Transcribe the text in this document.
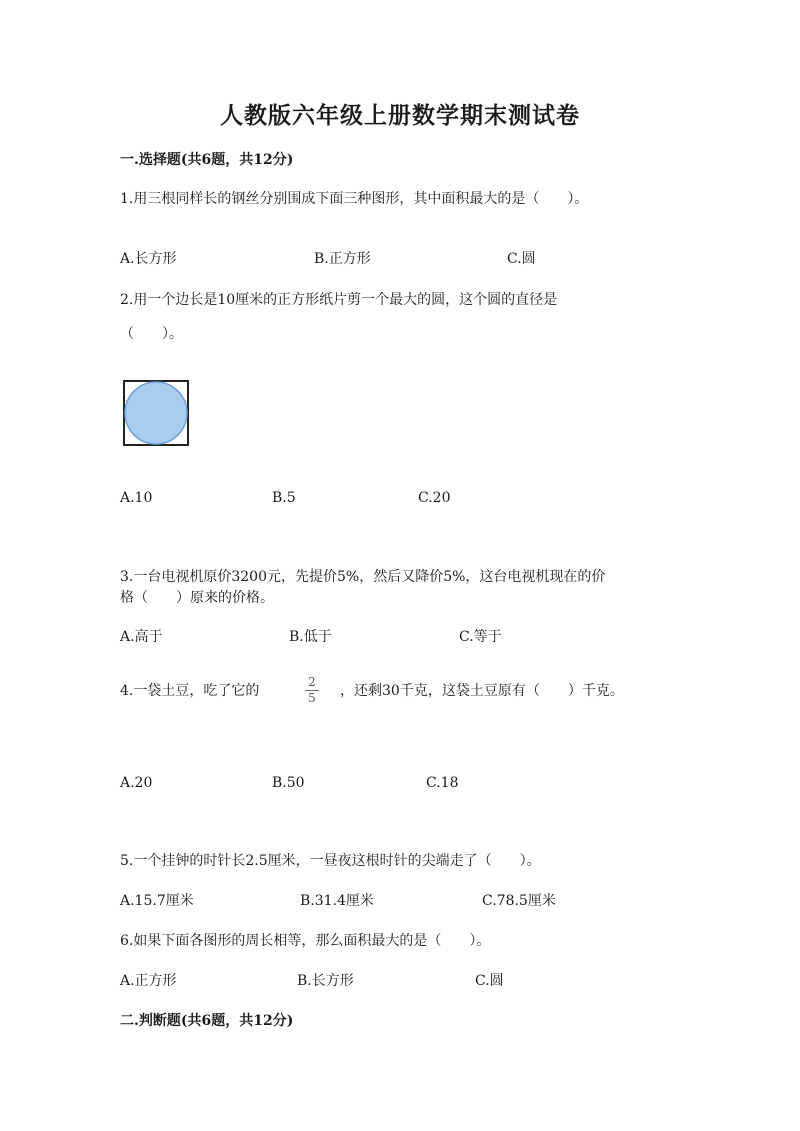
人教版六年级上册数学期末测试卷
一.选择题(共6题，共12分)
1.用三根同样长的钢丝分别围成下面三种图形，其中面积最大的是（　　）。
A.长方形	B.正方形	C.圆
2.用一个边长是10厘米的正方形纸片剪一个最大的圆，这个圆的直径是
（　　）。
A.10	B.5	C.20
3.一台电视机原价3200元，先提价5%，然后又降价5%，这台电视机现在的价
格（　　）原来的价格。
A.高于	B.低于	C.等于
4.一袋土豆，吃了它的
2
5	，还剩30千克，这袋土豆原有（　　）千克。
A.20	B.50	C.18
5.一个挂钟的时针长2.5厘米，一昼夜这根时针的尖端走了（　　）。
A.15.7厘米	B.31.4厘米	C.78.5厘米
6.如果下面各图形的周长相等，那么面积最大的是（　　）。
A.正方形	B.长方形	C.圆
二.判断题(共6题，共12分)
